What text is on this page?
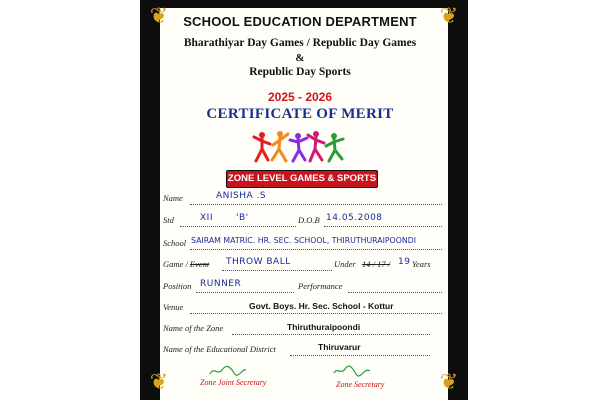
❦	❦
❦	❦
SCHOOL EDUCATION DEPARTMENT
Bharathiyar Day Games / Republic Day Games
&
Republic Day Sports
2025 - 2026
CERTIFICATE OF MERIT
ZONE LEVEL GAMES & SPORTS
Name	ANISHA .S
Std	XII	'B'	D.O.B 14.05.2008
School SAIRAM MATRIC. HR. SEC. SCHOOL, THIRUTHURAIPOONDI
Game / Event THROW BALL	Under 14 / 17 / 19 Years
Position RUNNER	Performance
Venue	Govt. Boys. Hr. Sec. School - Kottur
Name of the Zone	Thiruthuraipoondi
Name of the Educational District	Thiruvarur
Zone Joint Secretary	Zone Secretary
